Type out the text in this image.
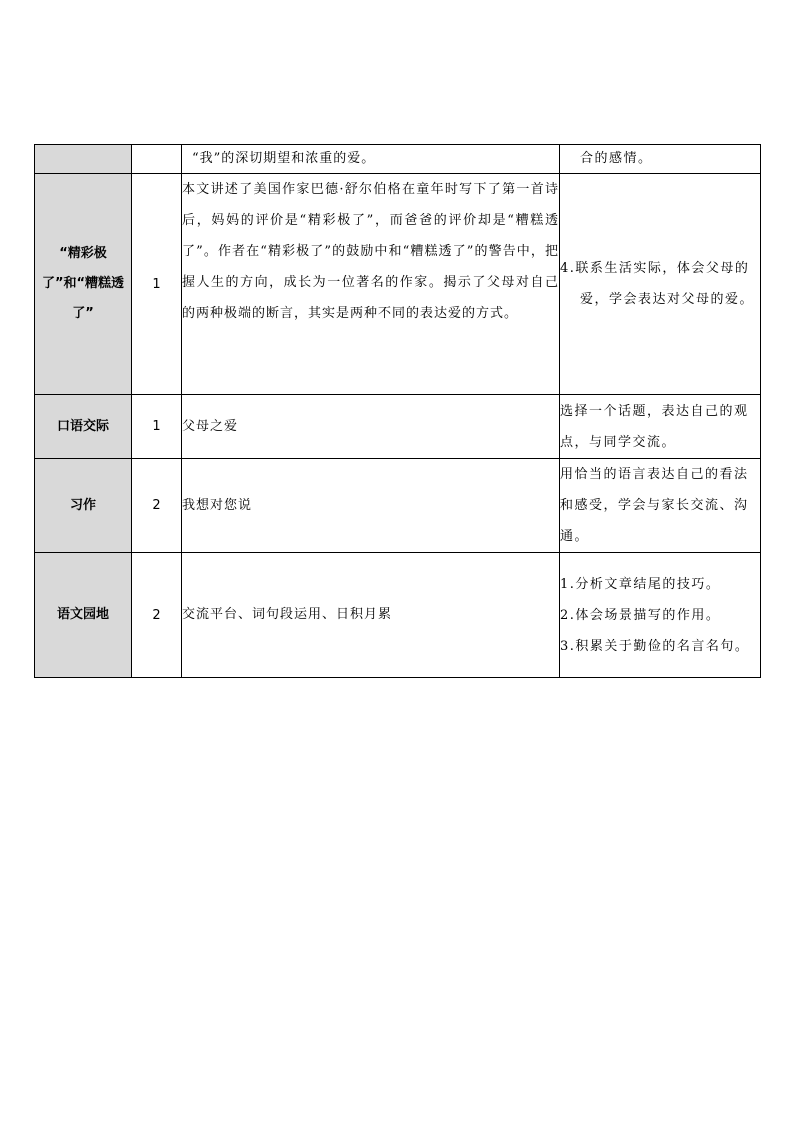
		“我”的深切期望和浓重的爱。	合的感情。

“精彩极了”和“糟糕透了”	1	本文讲述了美国作家巴德·舒尔伯格在童年时写下了第一首诗后，妈妈的评价是“精彩极了”，而爸爸的评价却是“糟糕透了”。作者在“精彩极了”的鼓励中和“糟糕透了”的警告中，把握人生的方向，成长为一位著名的作家。揭示了父母对自己的两种极端的断言，其实是两种不同的表达爱的方式。	4.联系生活实际，体会父母的爱，学会表达对父母的爱。

口语交际	1	父母之爱	选择一个话题，表达自己的观点，与同学交流。

习作	2	我想对您说	用恰当的语言表达自己的看法和感受，学会与家长交流、沟通。

语文园地	2	交流平台、词句段运用、日积月累	1.分析文章结尾的技巧。
2.体会场景描写的作用。
3.积累关于勤俭的名言名句。
